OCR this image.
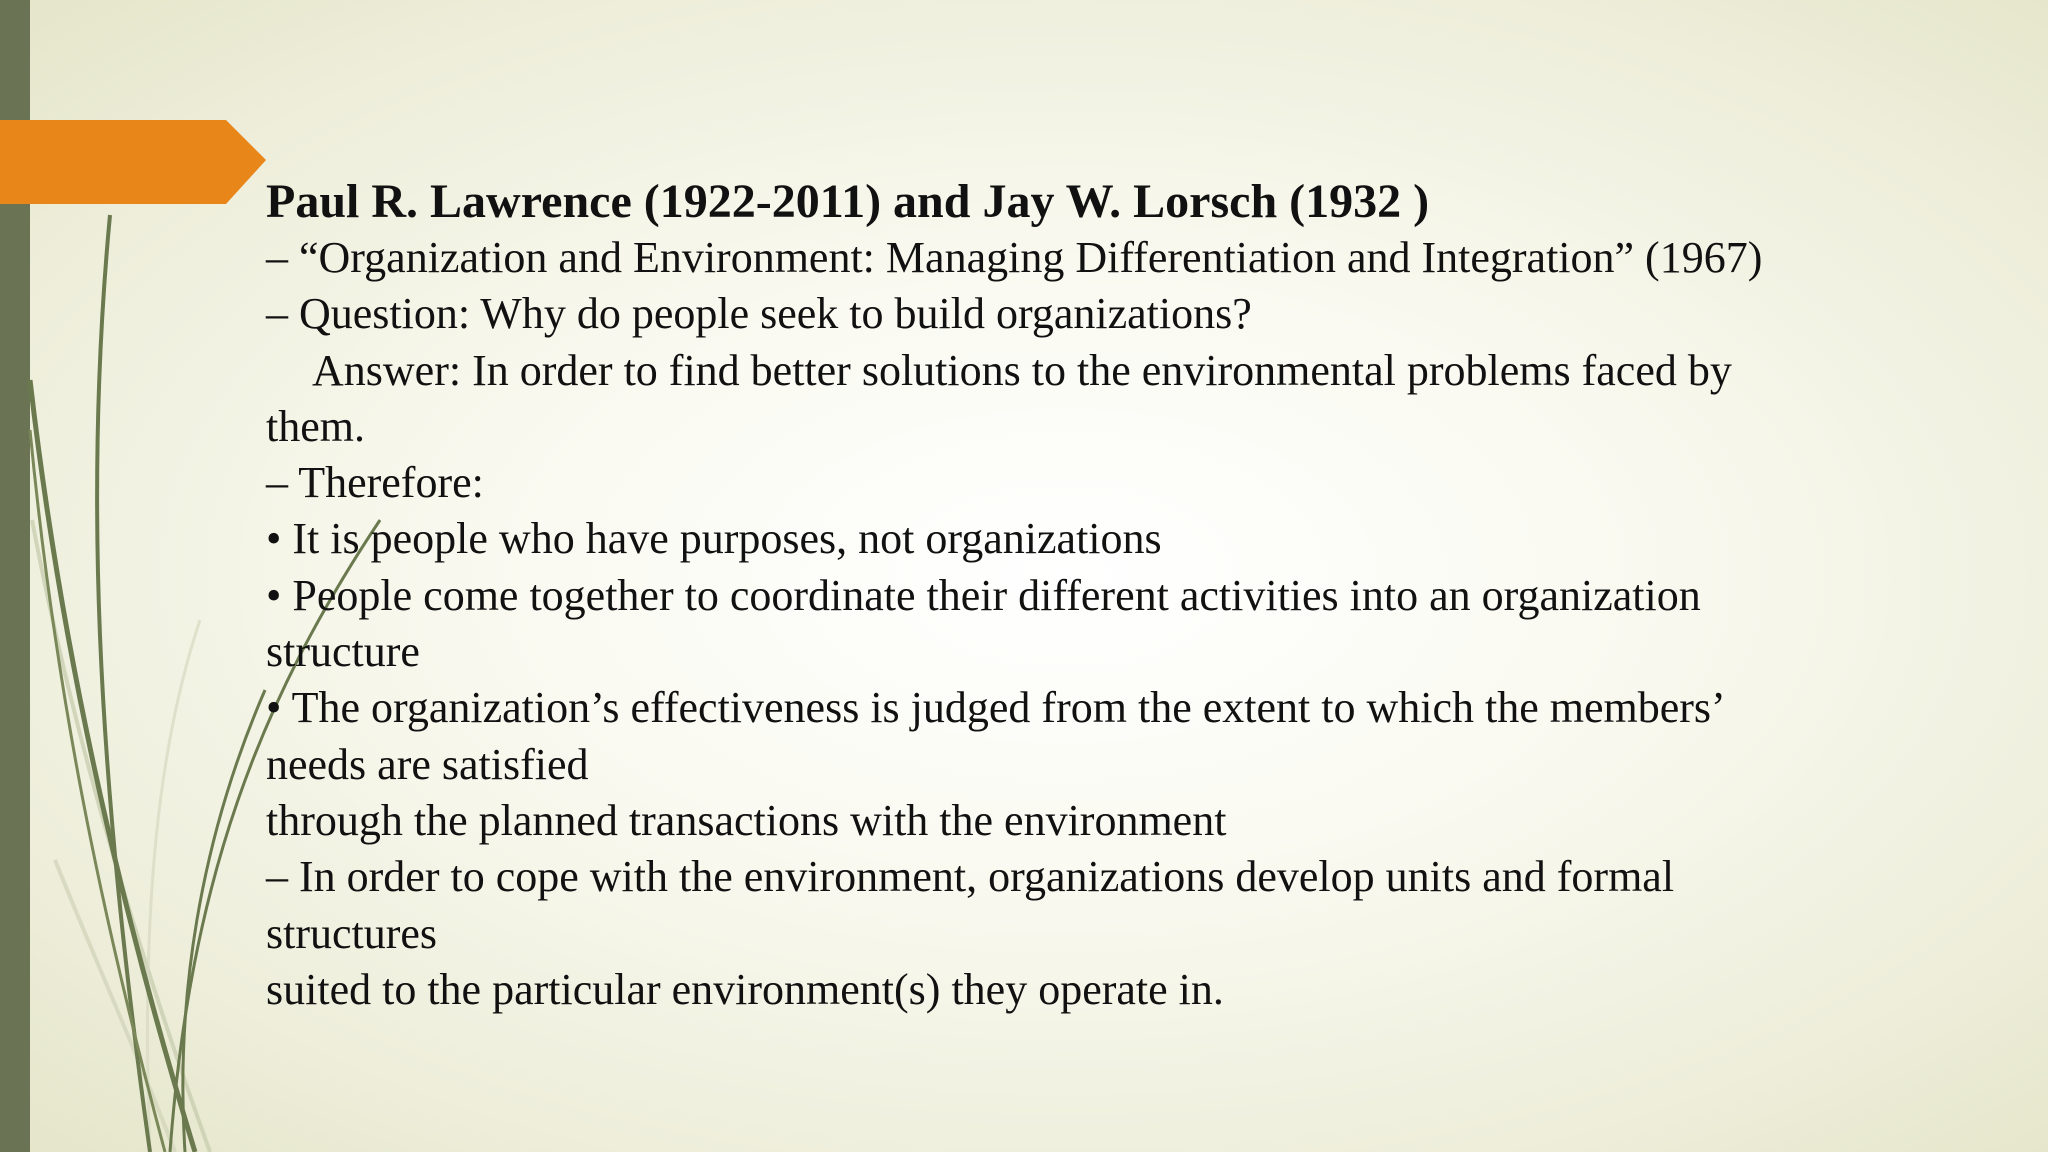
Paul R. Lawrence (1922-2011) and Jay W. Lorsch (1932 )

– “Organization and Environment: Managing Differentiation and Integration” (1967)

– Question: Why do people seek to build organizations?

Answer: In order to find better solutions to the environmental problems faced by

them.

– Therefore:

• It is people who have purposes, not organizations

• People come together to coordinate their different activities into an organization

structure

• The organization’s effectiveness is judged from the extent to which the members’

needs are satisfied

through the planned transactions with the environment

– In order to cope with the environment, organizations develop units and formal

structures

suited to the particular environment(s) they operate in.
